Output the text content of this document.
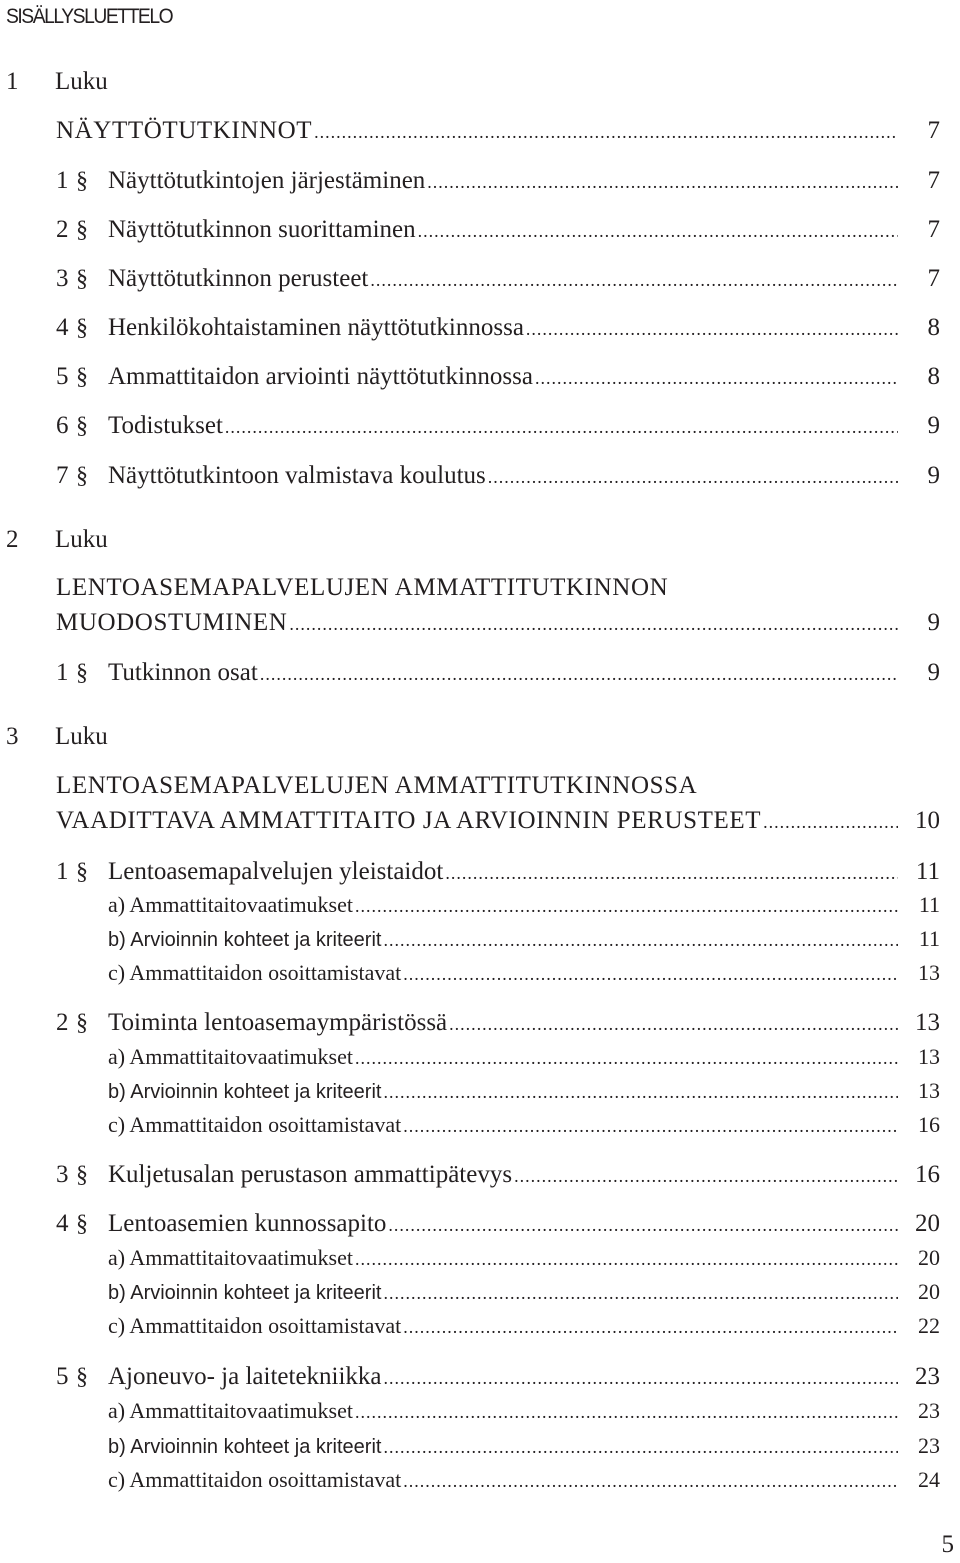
SISÄLLYSLUETTELO
1 Luku
NÄYTTÖTUTKINNOT .....	7
1 § Näyttötutkintojen järjestäminen .....	7
2 § Näyttötutkinnon suorittaminen .....	7
3 § Näyttötutkinnon perusteet .....	7
4 § Henkilökohtaistaminen näyttötutkinnossa .....	8
5 § Ammattitaidon arviointi näyttötutkinnossa .....	8
6 § Todistukset .....	9
7 § Näyttötutkintoon valmistava koulutus .....	9
2 Luku
LENTOASEMAPALVELUJEN AMMATTITUTKINNON
MUODOSTUMINEN .....	9
1 § Tutkinnon osat .....	9
3 Luku
LENTOASEMAPALVELUJEN AMMATTITUTKINNOSSA
VAADITTAVA AMMATTITAITO JA ARVIOINNIN PERUSTEET .....	10
1 § Lentoasemapalvelujen yleistaidot .....	11
a) Ammattitaitovaatimukset .....	11
b) Arvioinnin kohteet ja kriteerit .....	11
c) Ammattitaidon osoittamistavat .....	13
2 § Toiminta lentoasemaympäristössä .....	13
a) Ammattitaitovaatimukset .....	13
b) Arvioinnin kohteet ja kriteerit .....	13
c) Ammattitaidon osoittamistavat .....	16
3 § Kuljetusalan perustason ammattipätevys .....	16
4 § Lentoasemien kunnossapito .....	20
a) Ammattitaitovaatimukset .....	20
b) Arvioinnin kohteet ja kriteerit .....	20
c) Ammattitaidon osoittamistavat .....	22
5 § Ajoneuvo- ja laitetekniikka .....	23
a) Ammattitaitovaatimukset .....	23
b) Arvioinnin kohteet ja kriteerit .....	23
c) Ammattitaidon osoittamistavat .....	24
5
